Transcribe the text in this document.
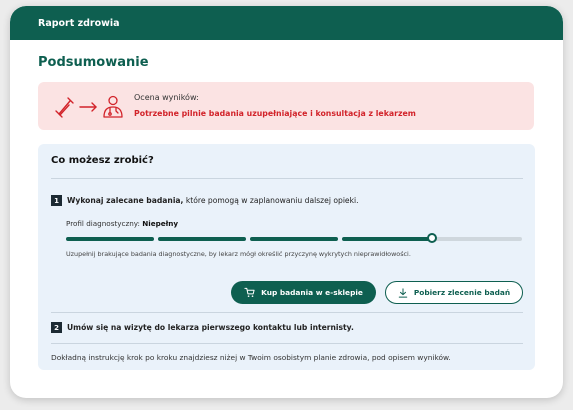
Raport zdrowia
Podsumowanie
Ocena wyników:
Potrzebne pilnie badania uzupełniające i konsultacja z lekarzem
Co możesz zrobić?
1	Wykonaj zalecane badania, które pomogą w zaplanowaniu dalszej opieki.
Profil diagnostyczny: Niepełny
Uzupełnij brakujące badania diagnostyczne, by lekarz mógł określić przyczynę wykrytych nieprawidłowości.
Kup badania w e-sklepie	Pobierz zlecenie badań
2	Umów się na wizytę do lekarza pierwszego kontaktu lub internisty.
Dokładną instrukcję krok po kroku znajdziesz niżej w Twoim osobistym planie zdrowia, pod opisem wyników.
